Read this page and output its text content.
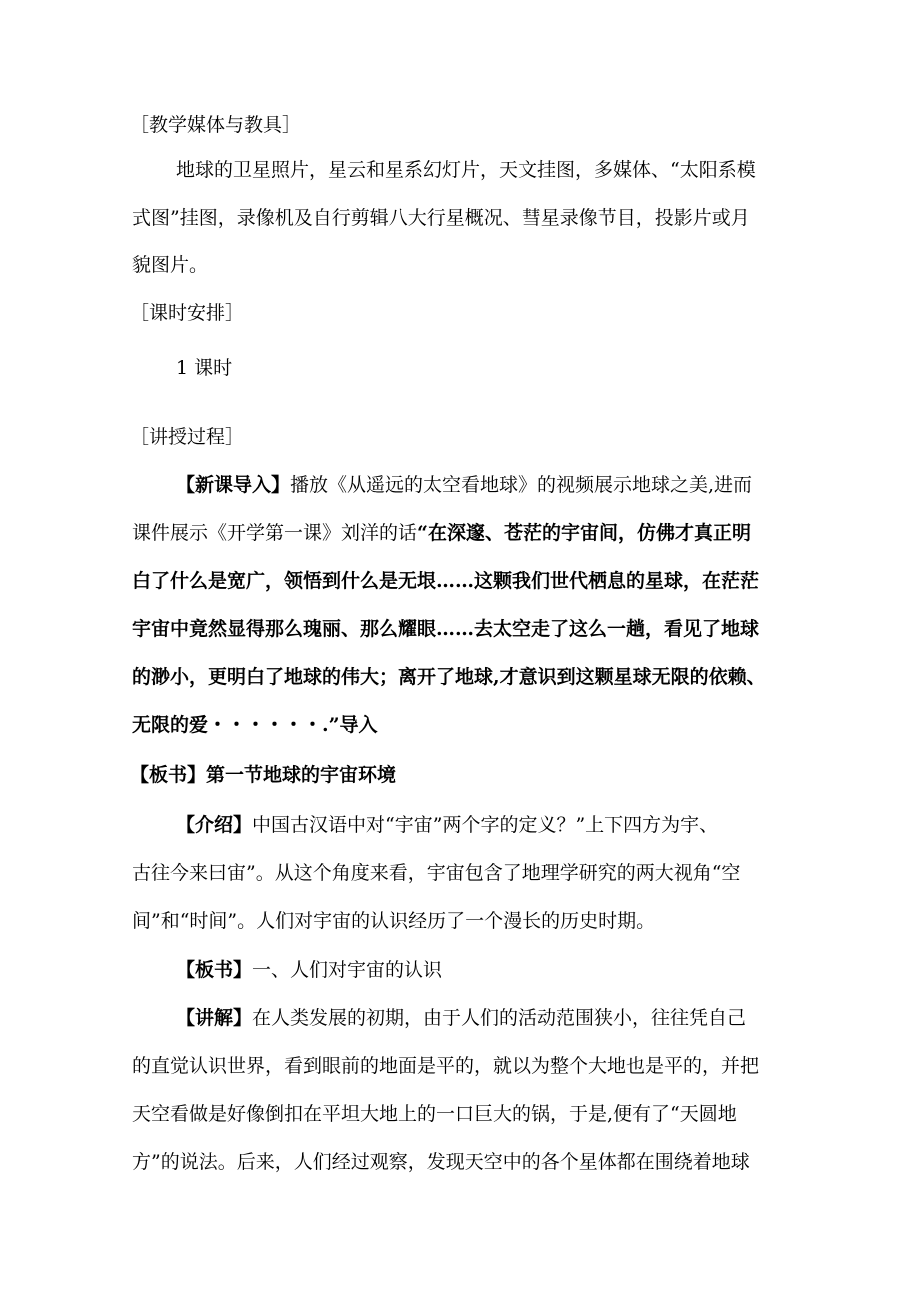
［教学媒体与教具］
地球的卫星照片，星云和星系幻灯片，天文挂图，多媒体、“太阳系模
式图”挂图，录像机及自行剪辑八大行星概况、彗星录像节目，投影片或月
貌图片。
［课时安排］
1 课时
［讲授过程］
【新课导入】播放《从遥远的太空看地球》的视频展示地球之美,进而
课件展示《开学第一课》刘洋的话“在深邃、苍茫的宇宙间，仿佛才真正明
白了什么是宽广，领悟到什么是无垠……这颗我们世代栖息的星球，在茫茫
宇宙中竟然显得那么瑰丽、那么耀眼……去太空走了这么一趟，看见了地球
的渺小，更明白了地球的伟大；离开了地球,才意识到这颗星球无限的依赖、
无限的爱・・・・・・.”导入
【板书】第一节地球的宇宙环境
【介绍】中国古汉语中对“宇宙”两个字的定义？”上下四方为宇、
古往今来曰宙”。从这个角度来看，宇宙包含了地理学研究的两大视角“空
间”和“时间”。人们对宇宙的认识经历了一个漫长的历史时期。
【板书】一、人们对宇宙的认识
【讲解】在人类发展的初期，由于人们的活动范围狭小，往往凭自己
的直觉认识世界，看到眼前的地面是平的，就以为整个大地也是平的，并把
天空看做是好像倒扣在平坦大地上的一口巨大的锅，于是,便有了“天圆地
方”的说法。后来，人们经过观察，发现天空中的各个星体都在围绕着地球
